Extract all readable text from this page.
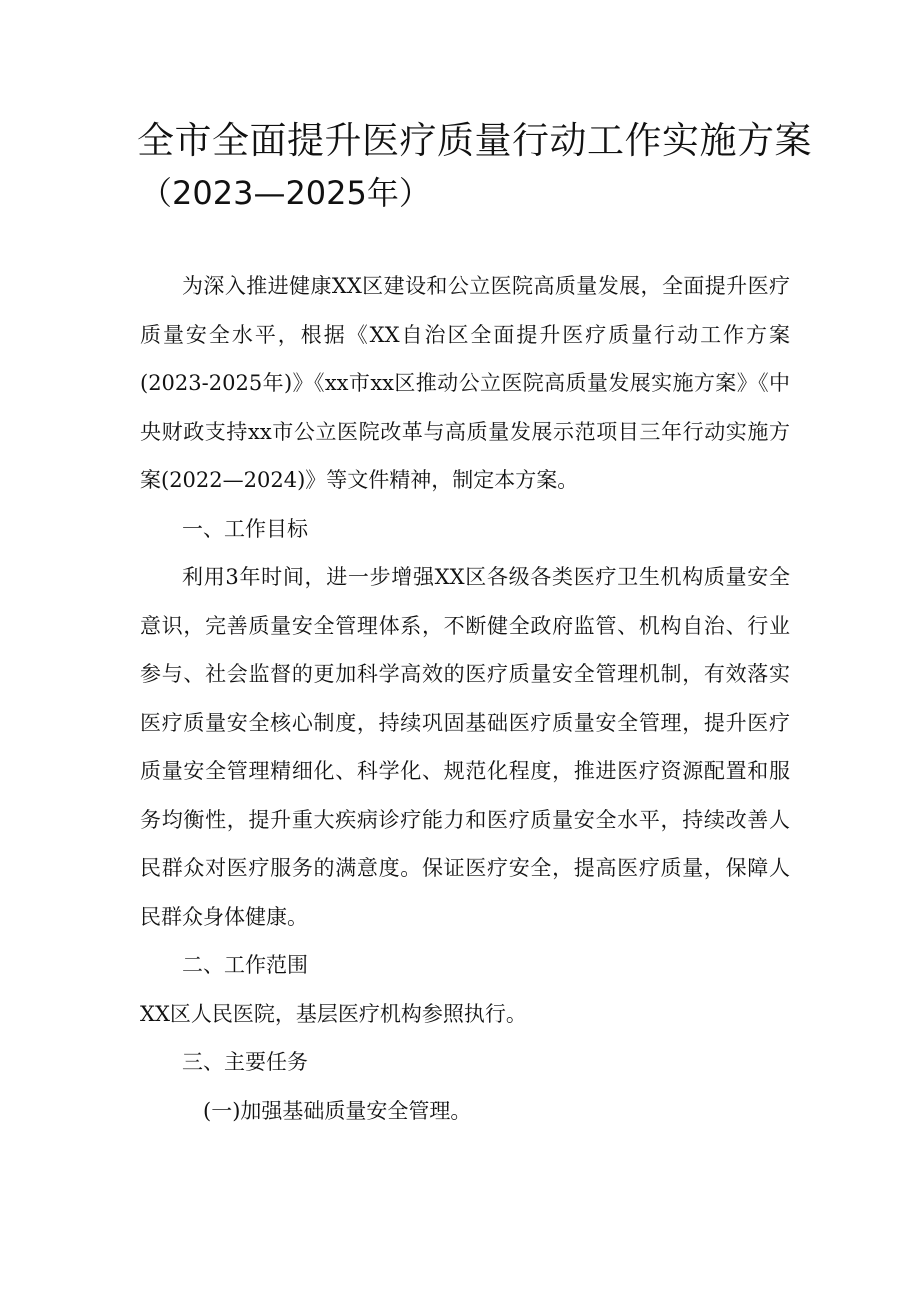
全市全面提升医疗质量行动工作实施方案
（2023—2025年）

为深入推进健康XX区建设和公立医院高质量发展，全面提升医疗质量安全水平，根据《XX自治区全面提升医疗质量行动工作方案(2023-2025年)》《xx市xx区推动公立医院高质量发展实施方案》《中央财政支持xx市公立医院改革与高质量发展示范项目三年行动实施方案(2022—2024)》等文件精神，制定本方案。

一、工作目标

利用3年时间，进一步增强XX区各级各类医疗卫生机构质量安全意识，完善质量安全管理体系，不断健全政府监管、机构自治、行业参与、社会监督的更加科学高效的医疗质量安全管理机制，有效落实医疗质量安全核心制度，持续巩固基础医疗质量安全管理，提升医疗质量安全管理精细化、科学化、规范化程度，推进医疗资源配置和服务均衡性，提升重大疾病诊疗能力和医疗质量安全水平，持续改善人民群众对医疗服务的满意度。保证医疗安全，提高医疗质量，保障人民群众身体健康。

二、工作范围

XX区人民医院，基层医疗机构参照执行。

三、主要任务

(一)加强基础质量安全管理。
